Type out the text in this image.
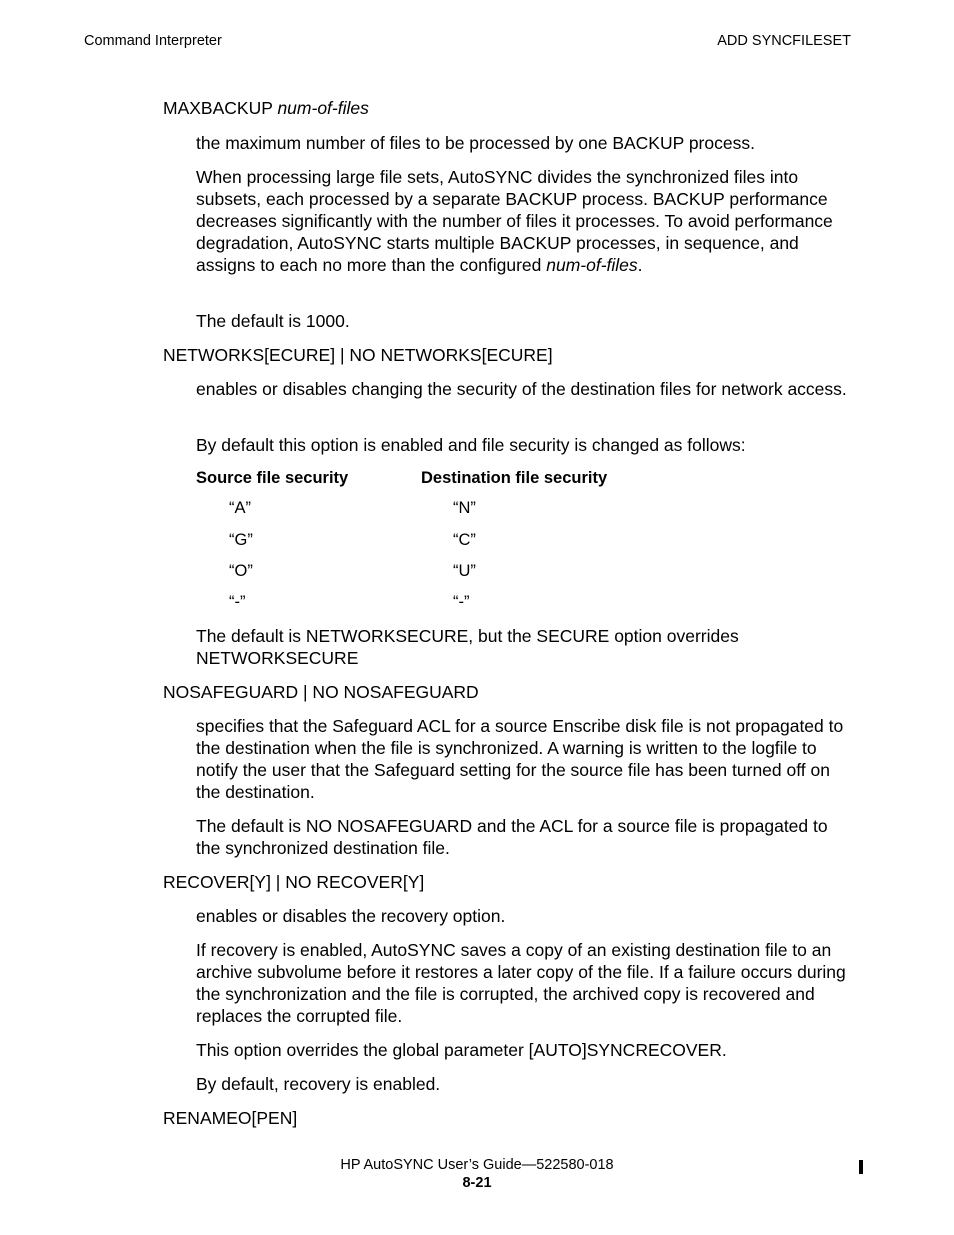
Command Interpreter	ADD SYNCFILESET
MAXBACKUP num-of-files
the maximum number of files to be processed by one BACKUP process.
When processing large file sets, AutoSYNC divides the synchronized files into subsets, each processed by a separate BACKUP process. BACKUP performance decreases significantly with the number of files it processes. To avoid performance degradation, AutoSYNC starts multiple BACKUP processes, in sequence, and assigns to each no more than the configured num-of-files.
The default is 1000.
NETWORKS[ECURE] | NO NETWORKS[ECURE]
enables or disables changing the security of the destination files for network access.
By default this option is enabled and file security is changed as follows:
Source file security	Destination file security
“A”	“N”
“G”	“C”
“O”	“U”
“-”	“-”
The default is NETWORKSECURE, but the SECURE option overrides NETWORKSECURE
NOSAFEGUARD | NO NOSAFEGUARD
specifies that the Safeguard ACL for a source Enscribe disk file is not propagated to the destination when the file is synchronized. A warning is written to the logfile to notify the user that the Safeguard setting for the source file has been turned off on the destination.
The default is NO NOSAFEGUARD and the ACL for a source file is propagated to the synchronized destination file.
RECOVER[Y] | NO RECOVER[Y]
enables or disables the recovery option.
If recovery is enabled, AutoSYNC saves a copy of an existing destination file to an archive subvolume before it restores a later copy of the file. If a failure occurs during the synchronization and the file is corrupted, the archived copy is recovered and replaces the corrupted file.
This option overrides the global parameter [AUTO]SYNCRECOVER.
By default, recovery is enabled.
RENAMEO[PEN]
HP AutoSYNC User’s Guide—522580-018
8-21
